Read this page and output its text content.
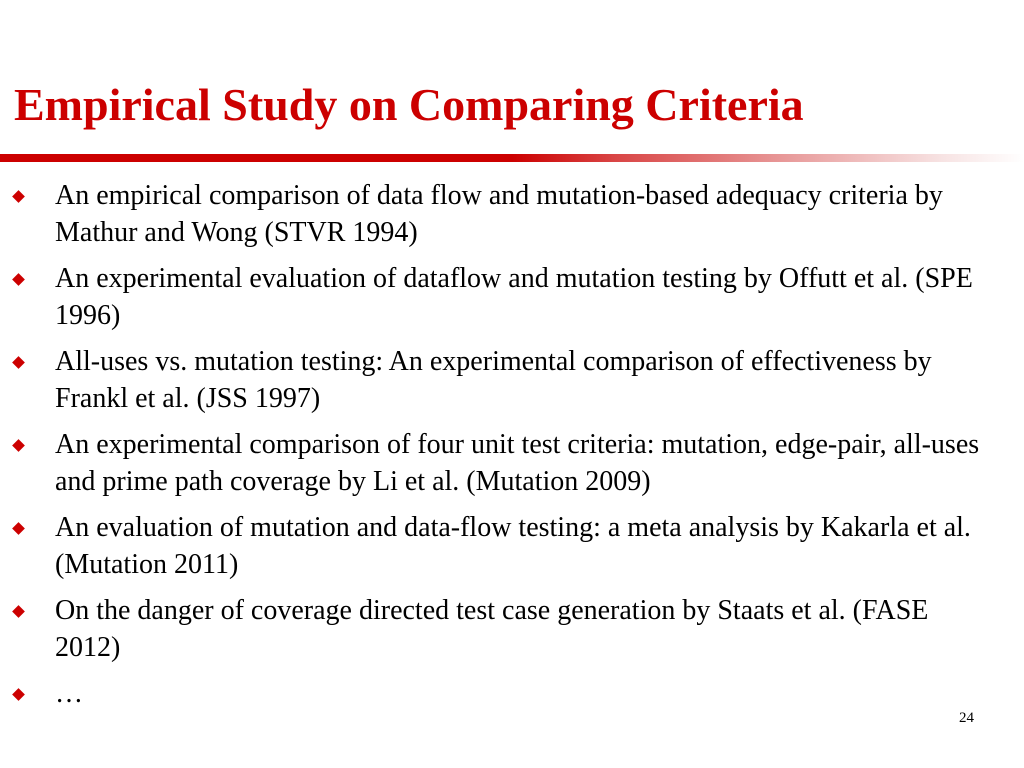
Empirical Study on Comparing Criteria
An empirical comparison of data flow and mutation-based adequacy criteria by Mathur and Wong (STVR 1994)
An experimental evaluation of dataflow and mutation testing by Offutt et al. (SPE 1996)
All-uses vs. mutation testing: An experimental comparison of effectiveness by Frankl et al. (JSS 1997)
An experimental comparison of four unit test criteria: mutation, edge-pair, all-uses and prime path coverage by Li et al. (Mutation 2009)
An evaluation of mutation and data-flow testing: a meta analysis by Kakarla et al. (Mutation 2011)
On the danger of coverage directed test case generation by Staats et al. (FASE 2012)
…
24
